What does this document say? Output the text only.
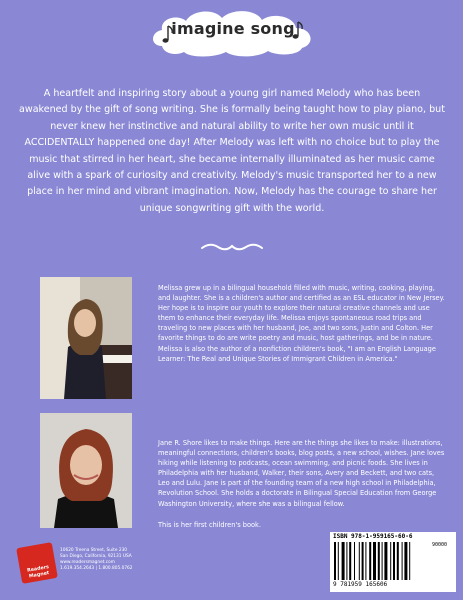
imagine song
A heartfelt and inspiring story about a young girl named Melody who has been awakened by the gift of song writing. She is formally being taught how to play piano, but never knew her instinctive and natural ability to write her own music until it ACCIDENTALLY happened one day! After Melody was left with no choice but to play the music that stirred in her heart, she became internally illuminated as her music came alive with a spark of curiosity and creativity. Melody's music transported her to a new place in her mind and vibrant imagination. Now, Melody has the courage to share her unique songwriting gift with the world.
Melissa grew up in a bilingual household filled with music, writing, cooking, playing, and laughter. She is a children's author and certified as an ESL educator in New Jersey. Her hope is to inspire our youth to explore their natural creative channels and use them to enhance their everyday life. Melissa enjoys spontaneous road trips and traveling to new places with her husband, Joe, and two sons, Justin and Colton. Her favorite things to do are write poetry and music, host gatherings, and be in nature. Melissa is also the author of a nonfiction children's book, "I am an English Language Learner: The Real and Unique Stories of Immigrant Children in America."
Jane R. Shore likes to make things. Here are the things she likes to make: illustrations, meaningful connections, children's books, blog posts, a new school, wishes. Jane loves hiking while listening to podcasts, ocean swimming, and picnic foods. She lives in Philadelphia with her husband, Walker, their sons, Avery and Beckett, and two cats, Leo and Lulu. Jane is part of the founding team of a new high school in Philadelphia, Revolution School. She holds a doctorate in Bilingual Special Education from George Washington University, where she was a bilingual fellow.
This is her first children's book.
Readers Magnet
10620 Treena Street, Suite 230
San Diego, California, 92131 USA
www.readersmagnet.com
1.619.354.2643 | 1.800.805.0762
ISBN 978-1-959165-60-6
90000
9 781959 165606
